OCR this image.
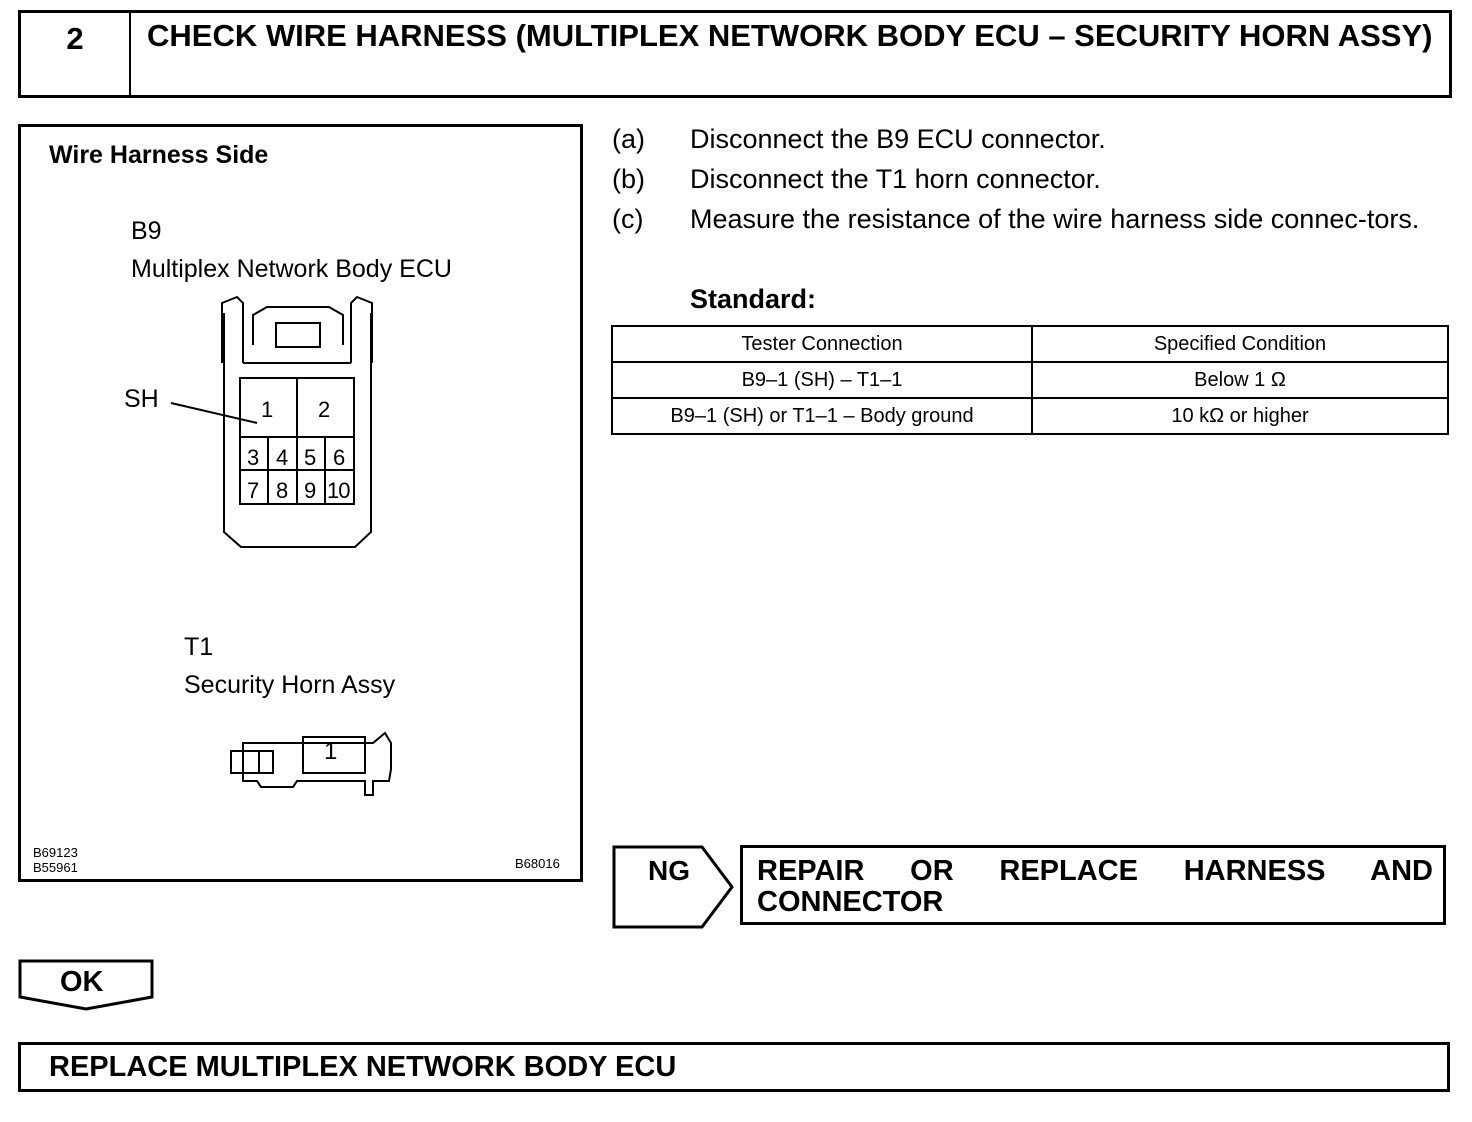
2	CHECK WIRE HARNESS (MULTIPLEX NETWORK BODY ECU – SECURITY HORN ASSY)
Wire Harness Side
B9
Multiplex Network Body ECU
SH	1 2
3 4 5 6
7 8 9 10
T1
Security Horn Assy
1
B69123
B55961	B68016
(a) Disconnect the B9 ECU connector.
(b) Disconnect the T1 horn connector.
(c) Measure the resistance of the wire harness side connec-tors.
Standard:
Tester Connection	Specified Condition
B9–1 (SH) – T1–1	Below 1 Ω
B9–1 (SH) or T1–1 – Body ground	10 kΩ or higher
NG REPAIR OR REPLACE HARNESS AND CONNECTOR
OK
REPLACE MULTIPLEX NETWORK BODY ECU
